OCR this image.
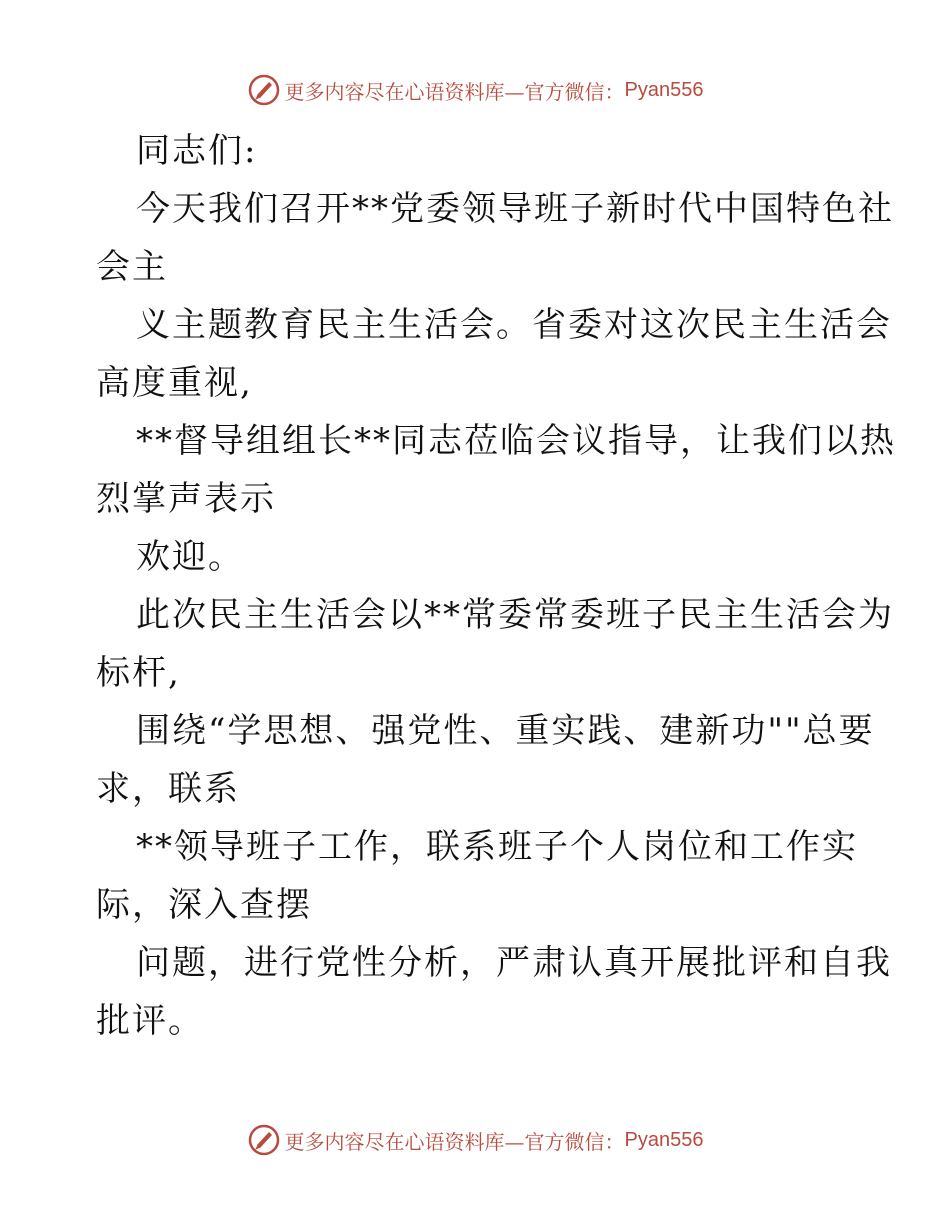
更多内容尽在心语资料库—官方微信： Pyan556
同志们:
今天我们召开**党委领导班子新时代中国特色社
会主
义主题教育民主生活会。省委对这次民主生活会
高度重视,
**督导组组长**同志莅临会议指导，让我们以热
烈掌声表示
欢迎。
此次民主生活会以**常委常委班子民主生活会为
标杆,
围绕“学思想、强党性、重实践、建新功""总要
求，联系
**领导班子工作，联系班子个人岗位和工作实
际，深入查摆
问题，进行党性分析，严肃认真开展批评和自我
批评。
更多内容尽在心语资料库—官方微信： Pyan556
